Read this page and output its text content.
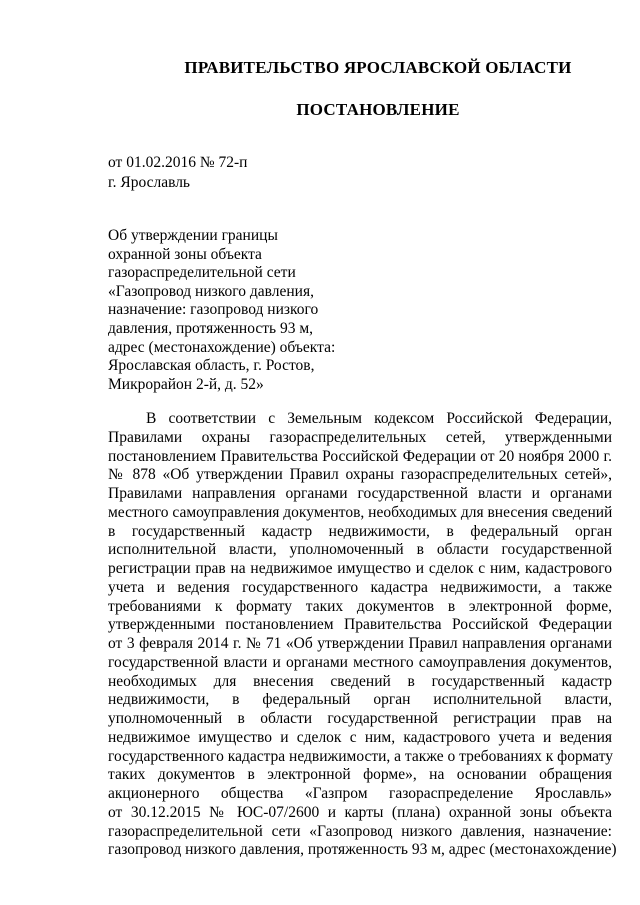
ПРАВИТЕЛЬСТВО ЯРОСЛАВСКОЙ ОБЛАСТИ
ПОСТАНОВЛЕНИЕ
от 01.02.2016 № 72-п
г. Ярославль
Об утверждении границы
охранной зоны объекта
газораспределительной сети
«Газопровод низкого давления,
назначение: газопровод низкого
давления, протяженность 93 м,
адрес (местонахождение) объекта:
Ярославская область, г. Ростов,
Микрорайон 2-й, д. 52»
В соответствии с Земельным кодексом Российской Федерации,
Правилами охраны газораспределительных сетей, утвержденными
постановлением Правительства Российской Федерации от 20 ноября 2000 г.
№ 878 «Об утверждении Правил охраны газораспределительных сетей»,
Правилами направления органами государственной власти и органами
местного самоуправления документов, необходимых для внесения сведений
в государственный кадастр недвижимости, в федеральный орган
исполнительной власти, уполномоченный в области государственной
регистрации прав на недвижимое имущество и сделок с ним, кадастрового
учета и ведения государственного кадастра недвижимости, а также
требованиями к формату таких документов в электронной форме,
утвержденными постановлением Правительства Российской Федерации
от 3 февраля 2014 г. № 71 «Об утверждении Правил направления органами
государственной власти и органами местного самоуправления документов,
необходимых для внесения сведений в государственный кадастр
недвижимости, в федеральный орган исполнительной власти,
уполномоченный в области государственной регистрации прав на
недвижимое имущество и сделок с ним, кадастрового учета и ведения
государственного кадастра недвижимости, а также о требованиях к формату
таких документов в электронной форме», на основании обращения
акционерного общества «Газпром газораспределение Ярославль»
от 30.12.2015 № ЮС-07/2600 и карты (плана) охранной зоны объекта
газораспределительной сети «Газопровод низкого давления, назначение:
газопровод низкого давления, протяженность 93 м, адрес (местонахождение)
